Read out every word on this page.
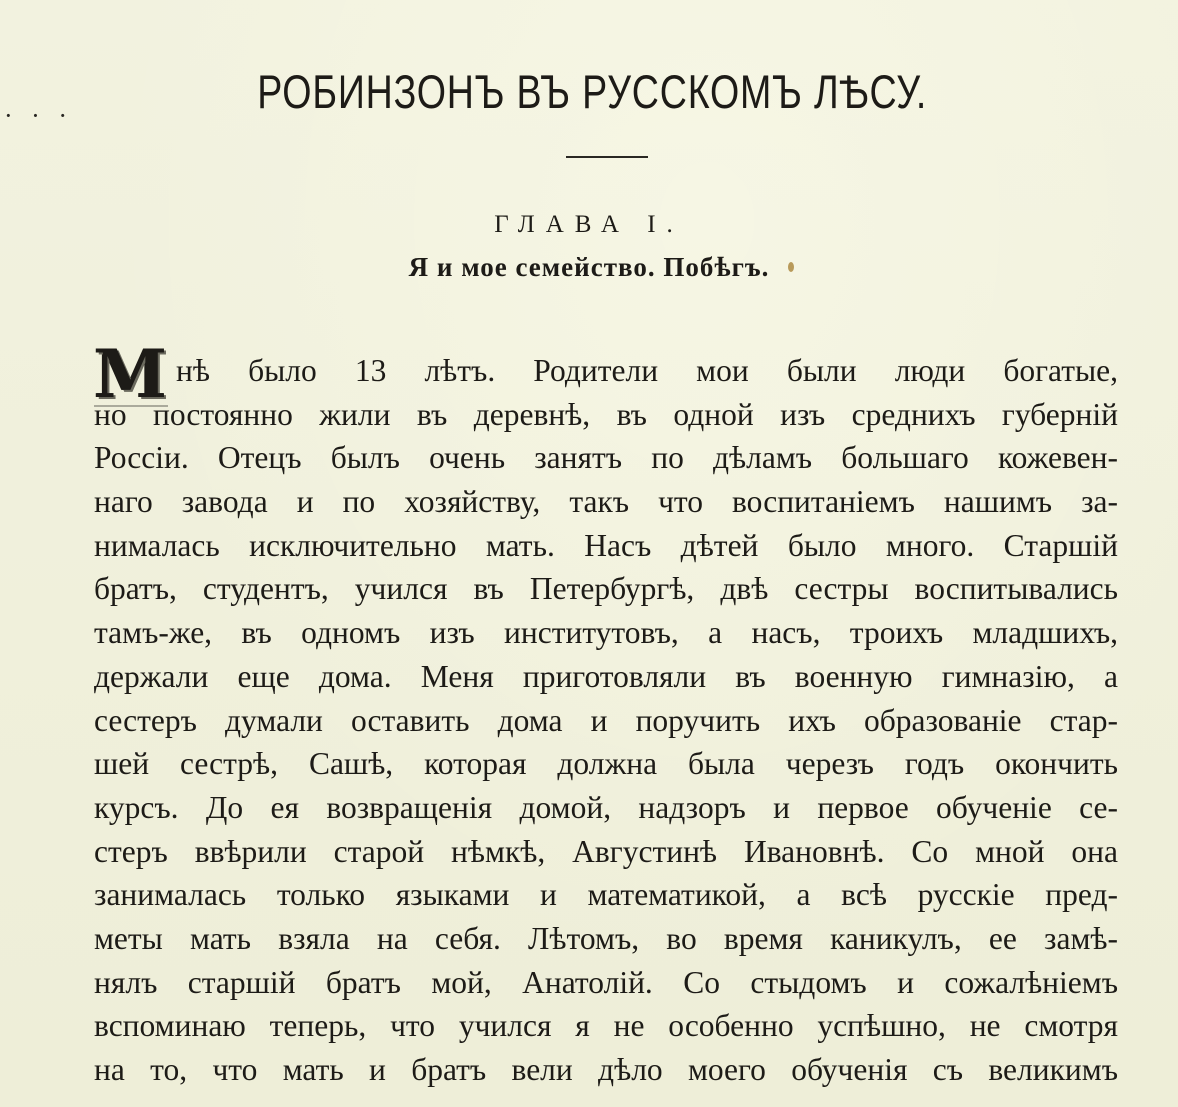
· · ·	РОБИНЗОНЪ ВЪ РУССКОМЪ ЛѢСУ.
ГЛАВА I.
Я и мое семейство. Побѣгъ.
М нѣ было 13 лѣтъ. Родители мои были люди богатые,
но постоянно жили въ деревнѣ, въ одной изъ среднихъ губерній
Россіи. Отецъ былъ очень занятъ по дѣламъ большаго кожевен-
наго завода и по хозяйству, такъ что воспитаніемъ нашимъ за-
нималась исключительно мать. Насъ дѣтей было много. Старшій
братъ, студентъ, учился въ Петербургѣ, двѣ сестры воспитывались
тамъ-же, въ одномъ изъ институтовъ, а насъ, троихъ младшихъ,
держали еще дома. Меня приготовляли въ военную гимназію, а
сестеръ думали оставить дома и поручить ихъ образованіе стар-
шей сестрѣ, Сашѣ, которая должна была черезъ годъ окончить
курсъ. До ея возвращенія домой, надзоръ и первое обученіе се-
стеръ ввѣрили старой нѣмкѣ, Августинѣ Ивановнѣ. Со мной она
занималась только языками и математикой, а всѣ русскіе пред-
меты мать взяла на себя. Лѣтомъ, во время каникулъ, ее замѣ-
нялъ старшій братъ мой, Анатолій. Со стыдомъ и сожалѣніемъ
вспоминаю теперь, что учился я не особенно успѣшно, не смотря
на то, что мать и братъ вели дѣло моего обученія съ великимъ
